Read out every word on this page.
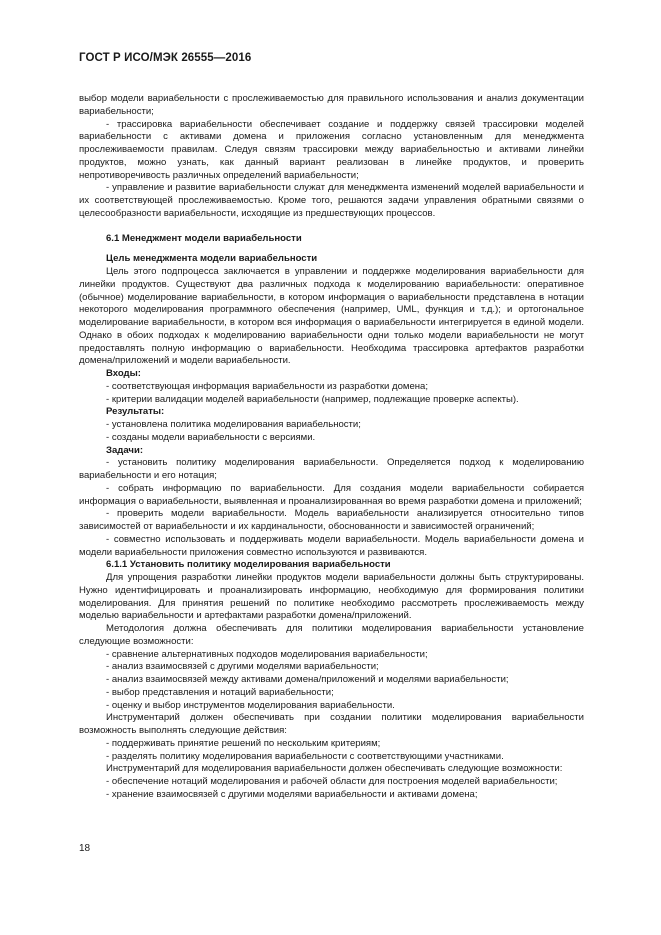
ГОСТ Р ИСО/МЭК 26555—2016

выбор модели вариабельности с прослеживаемостью для правильного использования и анализ документации вариабельности;

- трассировка вариабельности обеспечивает создание и поддержку связей трассировки моделей вариабельности с активами домена и приложения согласно установленным для менеджмента прослеживаемости правилам. Следуя связям трассировки между вариабельностью и активами линейки продуктов, можно узнать, как данный вариант реализован в линейке продуктов, и проверить непротиворечивость различных определений вариабельности;

- управление и развитие вариабельности служат для менеджмента изменений моделей вариабельности и их соответствующей прослеживаемостью. Кроме того, решаются задачи управления обратными связями о целесообразности вариабельности, исходящие из предшествующих процессов.

6.1 Менеджмент модели вариабельности

Цель менеджмента модели вариабельности

Цель этого подпроцесса заключается в управлении и поддержке моделирования вариабельности для линейки продуктов. Существуют два различных подхода к моделированию вариабельности: оперативное (обычное) моделирование вариабельности, в котором информация о вариабельности представлена в нотации некоторого моделирования программного обеспечения (например, UML, функция и т.д.); и ортогональное моделирование вариабельности, в котором вся информация о вариабельности интегрируется в единой модели. Однако в обоих подходах к моделированию вариабельности одни только модели вариабельности не могут предоставлять полную информацию о вариабельности. Необходима трассировка артефактов разработки домена/приложений и модели вариабельности.

Входы:

- соответствующая информация вариабельности из разработки домена;

- критерии валидации моделей вариабельности (например, подлежащие проверке аспекты).

Результаты:

- установлена политика моделирования вариабельности;

- созданы модели вариабельности с версиями.

Задачи:

- установить политику моделирования вариабельности. Определяется подход к моделированию вариабельности и его нотация;

- собрать информацию по вариабельности. Для создания модели вариабельности собирается информация о вариабельности, выявленная и проанализированная во время разработки домена и приложений;

- проверить модели вариабельности. Модель вариабельности анализируется относительно типов зависимостей от вариабельности и их кардинальности, обоснованности и зависимостей ограничений;

- совместно использовать и поддерживать модели вариабельности. Модель вариабельности домена и модели вариабельности приложения совместно используются и развиваются.

6.1.1 Установить политику моделирования вариабельности

Для упрощения разработки линейки продуктов модели вариабельности должны быть структурированы. Нужно идентифицировать и проанализировать информацию, необходимую для формирования политики моделирования. Для принятия решений по политике необходимо рассмотреть прослеживаемость между моделью вариабельности и артефактами разработки домена/приложений.

Методология должна обеспечивать для политики моделирования вариабельности установление следующие возможности:

- сравнение альтернативных подходов моделирования вариабельности;

- анализ взаимосвязей с другими моделями вариабельности;

- анализ взаимосвязей между активами домена/приложений и моделями вариабельности;

- выбор представления и нотаций вариабельности;

- оценку и выбор инструментов моделирования вариабельности.

Инструментарий должен обеспечивать при создании политики моделирования вариабельности возможность выполнять следующие действия:

- поддерживать принятие решений по нескольким критериям;

- разделять политику моделирования вариабельности с соответствующими участниками.

Инструментарий для моделирования вариабельности должен обеспечивать следующие возможности:

- обеспечение нотаций моделирования и рабочей области для построения моделей вариабельности;

- хранение взаимосвязей с другими моделями вариабельности и активами домена;

18
